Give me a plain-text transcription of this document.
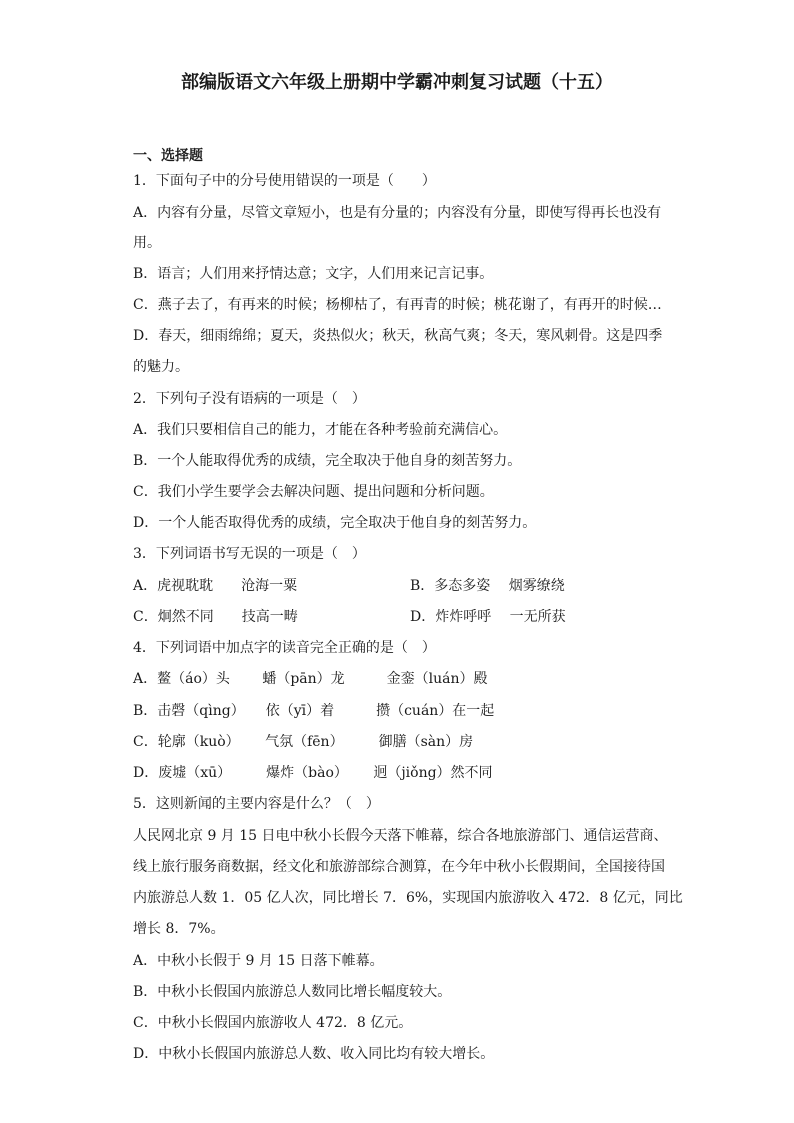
部编版语文六年级上册期中学霸冲刺复习试题（十五）
一、选择题
1．下面句子中的分号使用错误的一项是（　　）
A．内容有分量，尽管文章短小，也是有分量的；内容没有分量，即使写得再长也没有
用。
B．语言；人们用来抒情达意；文字，人们用来记言记事。
C．燕子去了，有再来的时候；杨柳枯了，有再青的时候；桃花谢了，有再开的时候…
D．春天，细雨绵绵；夏天，炎热似火；秋天，秋高气爽；冬天，寒风刺骨。这是四季
的魅力。
2．下列句子没有语病的一项是（　）
A．我们只要相信自己的能力，才能在各种考验前充满信心。
B．一个人能取得优秀的成绩，完全取决于他自身的刻苦努力。
C．我们小学生要学会去解决问题、提出问题和分析问题。
D．一个人能否取得优秀的成绩，完全取决于他自身的刻苦努力。
3．下列词语书写无误的一项是（　）
A．虎视耽耽　　沧海一粟	B．多态多姿　 烟雾缭绕
C．炯然不同　　技高一畴	D．炸炸呼呼　 一无所获
4．下列词语中加点字的读音完全正确的是（　）
A．鳌（áo）头　　 蟠（pān）龙　　　金銮（luán）殿
B．击磬（qìng）　　依（yī）着　　　攒（cuán）在一起
C．轮廓（kuò）　　 气氛（fēn）　　　御膳（sàn）房
D．废墟（xū）　　　爆炸（bào）　　 迥（jiǒng）然不同
5．这则新闻的主要内容是什么？（　）
人民网北京 9 月 15 日电中秋小长假今天落下帷幕，综合各地旅游部门、通信运营商、
线上旅行服务商数据，经文化和旅游部综合测算，在今年中秋小长假期间，全国接待国
内旅游总人数 1．05 亿人次，同比增长 7．6%，实现国内旅游收入 472．8 亿元，同比
增长 8．7%。
A．中秋小长假于 9 月 15 日落下帷幕。
B．中秋小长假国内旅游总人数同比增长幅度较大。
C．中秋小长假国内旅游收人 472．8 亿元。
D．中秋小长假国内旅游总人数、收入同比均有较大增长。
